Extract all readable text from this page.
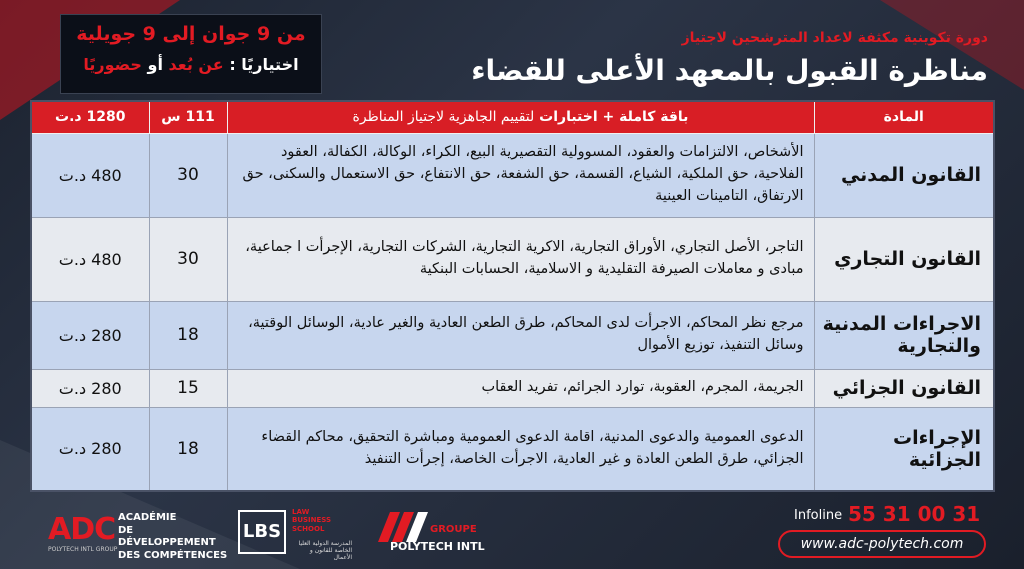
من 9 جوان إلى 9 جويلية
اختياريًا : عن بُعد أو حضوريًا
دورة تكوينية مكثفة لاعداد المترشحين لاجتياز
مناظرة القبول بالمعهد الأعلى للقضاء
المادة	باقة كاملة + اختبارات لتقييم الجاهزية لاجتياز المناظرة	111 س	1280 د.ت
القانون المدني	الأشخاص، الالتزامات والعقود، المسوولية التقصيرية البيع، الكراء، الوكالة، الكفالة، العقود الفلاحية، حق الملكية، الشياع، القسمة، حق الشفعة، حق الانتفاع، حق الاستعمال والسكنى، حق الارتفاق، التامينات العينية	30	480 د.ت
القانون التجاري	التاجر، الأصل التجاري، الأوراق التجارية، الاكرية التجارية، الشركات التجارية، الإجرأت ا جماعية، مبادى و معاملات الصيرفة التقليدية و الاسلامية، الحسابات البنكية	30	480 د.ت
الاجراءات المدنية والتجارية	مرجع نظر المحاكم، الاجرأت لدى المحاكم، طرق الطعن العادية والغير عادية، الوسائل الوقتية، وسائل التنفيذ، توزيع الأموال	18	280 د.ت
القانون الجزائي	الجريمة، المجرم، العقوبة، توارد الجرائم، تفريد العقاب	15	280 د.ت
الإجراءات الجزائية	الدعوى العمومية والدعوى المدنية، اقامة الدعوى العمومية ومباشرة التحقيق، محاكم القضاء الجزائي، طرق الطعن العادة و غير العادية، الاجرأت الخاصة، إجرأت التنفيذ	18	280 د.ت
ADC
POLYTECH INTL GROUP
ACADÉMIE
DE DÉVELOPPEMENT
DES COMPÉTENCES
LBS
LAW
BUSINESS
SCHOOL
المدرسة الدولية العليا الخاصة للقانون و الأعمال
GROUPE
POLYTECH INTL
Infoline 55 31 00 31
www.adc-polytech.com
